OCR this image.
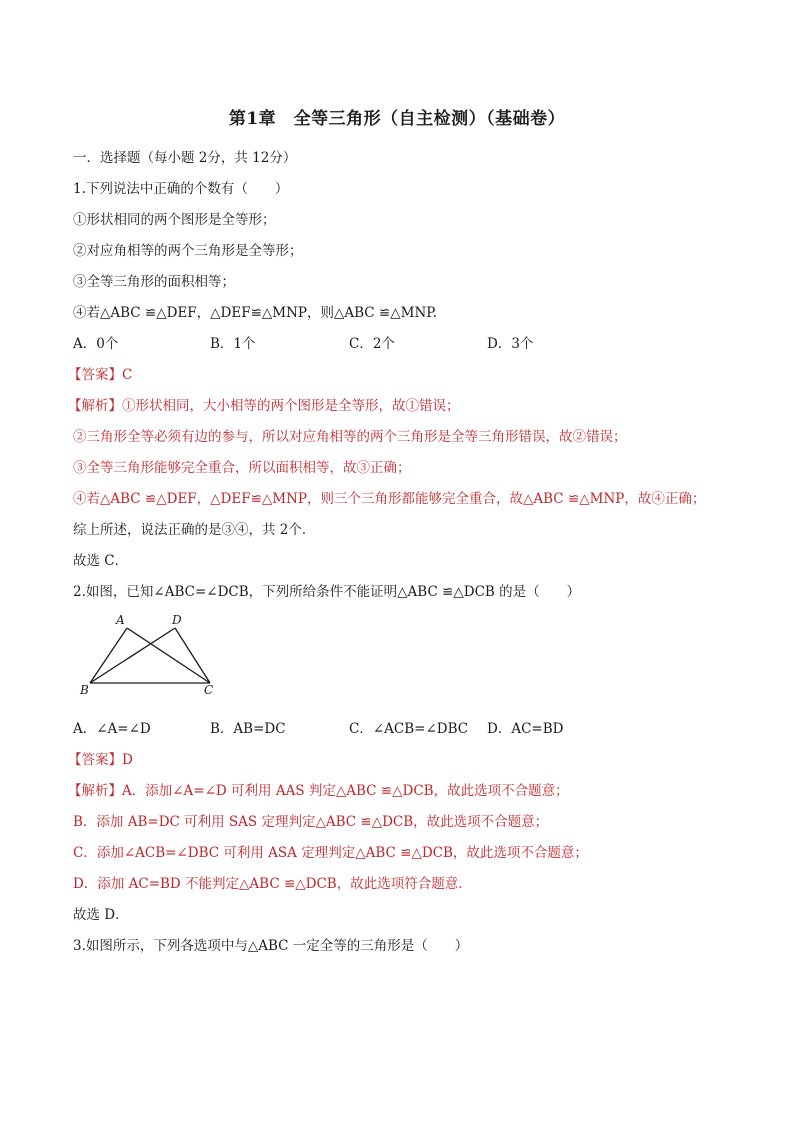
第1章　全等三角形（自主检测）（基础卷）
一．选择题（每小题 2分，共 12分）
1.下列说法中正确的个数有（　　）
①形状相同的两个图形是全等形；
②对应角相等的两个三角形是全等形；
③全等三角形的面积相等；
④若△ABC ≌△DEF，△DEF≌△MNP，则△ABC ≌△MNP.
A．0个	B．1个	C．2个	D．3个
【答案】C
【解析】①形状相同，大小相等的两个图形是全等形，故①错误；
②三角形全等必须有边的参与，所以对应角相等的两个三角形是全等三角形错误，故②错误；
③全等三角形能够完全重合，所以面积相等，故③正确；
④若△ABC ≌△DEF，△DEF≌△MNP，则三个三角形都能够完全重合，故△ABC ≌△MNP，故④正确；
综上所述，说法正确的是③④，共 2个．
故选 C．
2.如图，已知∠ABC=∠DCB，下列所给条件不能证明△ABC ≌△DCB 的是（　　）
A	D
B	C
A．∠A=∠D	B．AB=DC	C．∠ACB=∠DBC D．AC=BD
【答案】D
【解析】A．添加∠A=∠D 可利用 AAS 判定△ABC ≌△DCB，故此选项不合题意；
B．添加 AB=DC 可利用 SAS 定理判定△ABC ≌△DCB，故此选项不合题意；
C．添加∠ACB=∠DBC 可利用 ASA 定理判定△ABC ≌△DCB，故此选项不合题意；
D．添加 AC=BD 不能判定△ABC ≌△DCB，故此选项符合题意．
故选 D．
3.如图所示，下列各选项中与△ABC 一定全等的三角形是（　　）
